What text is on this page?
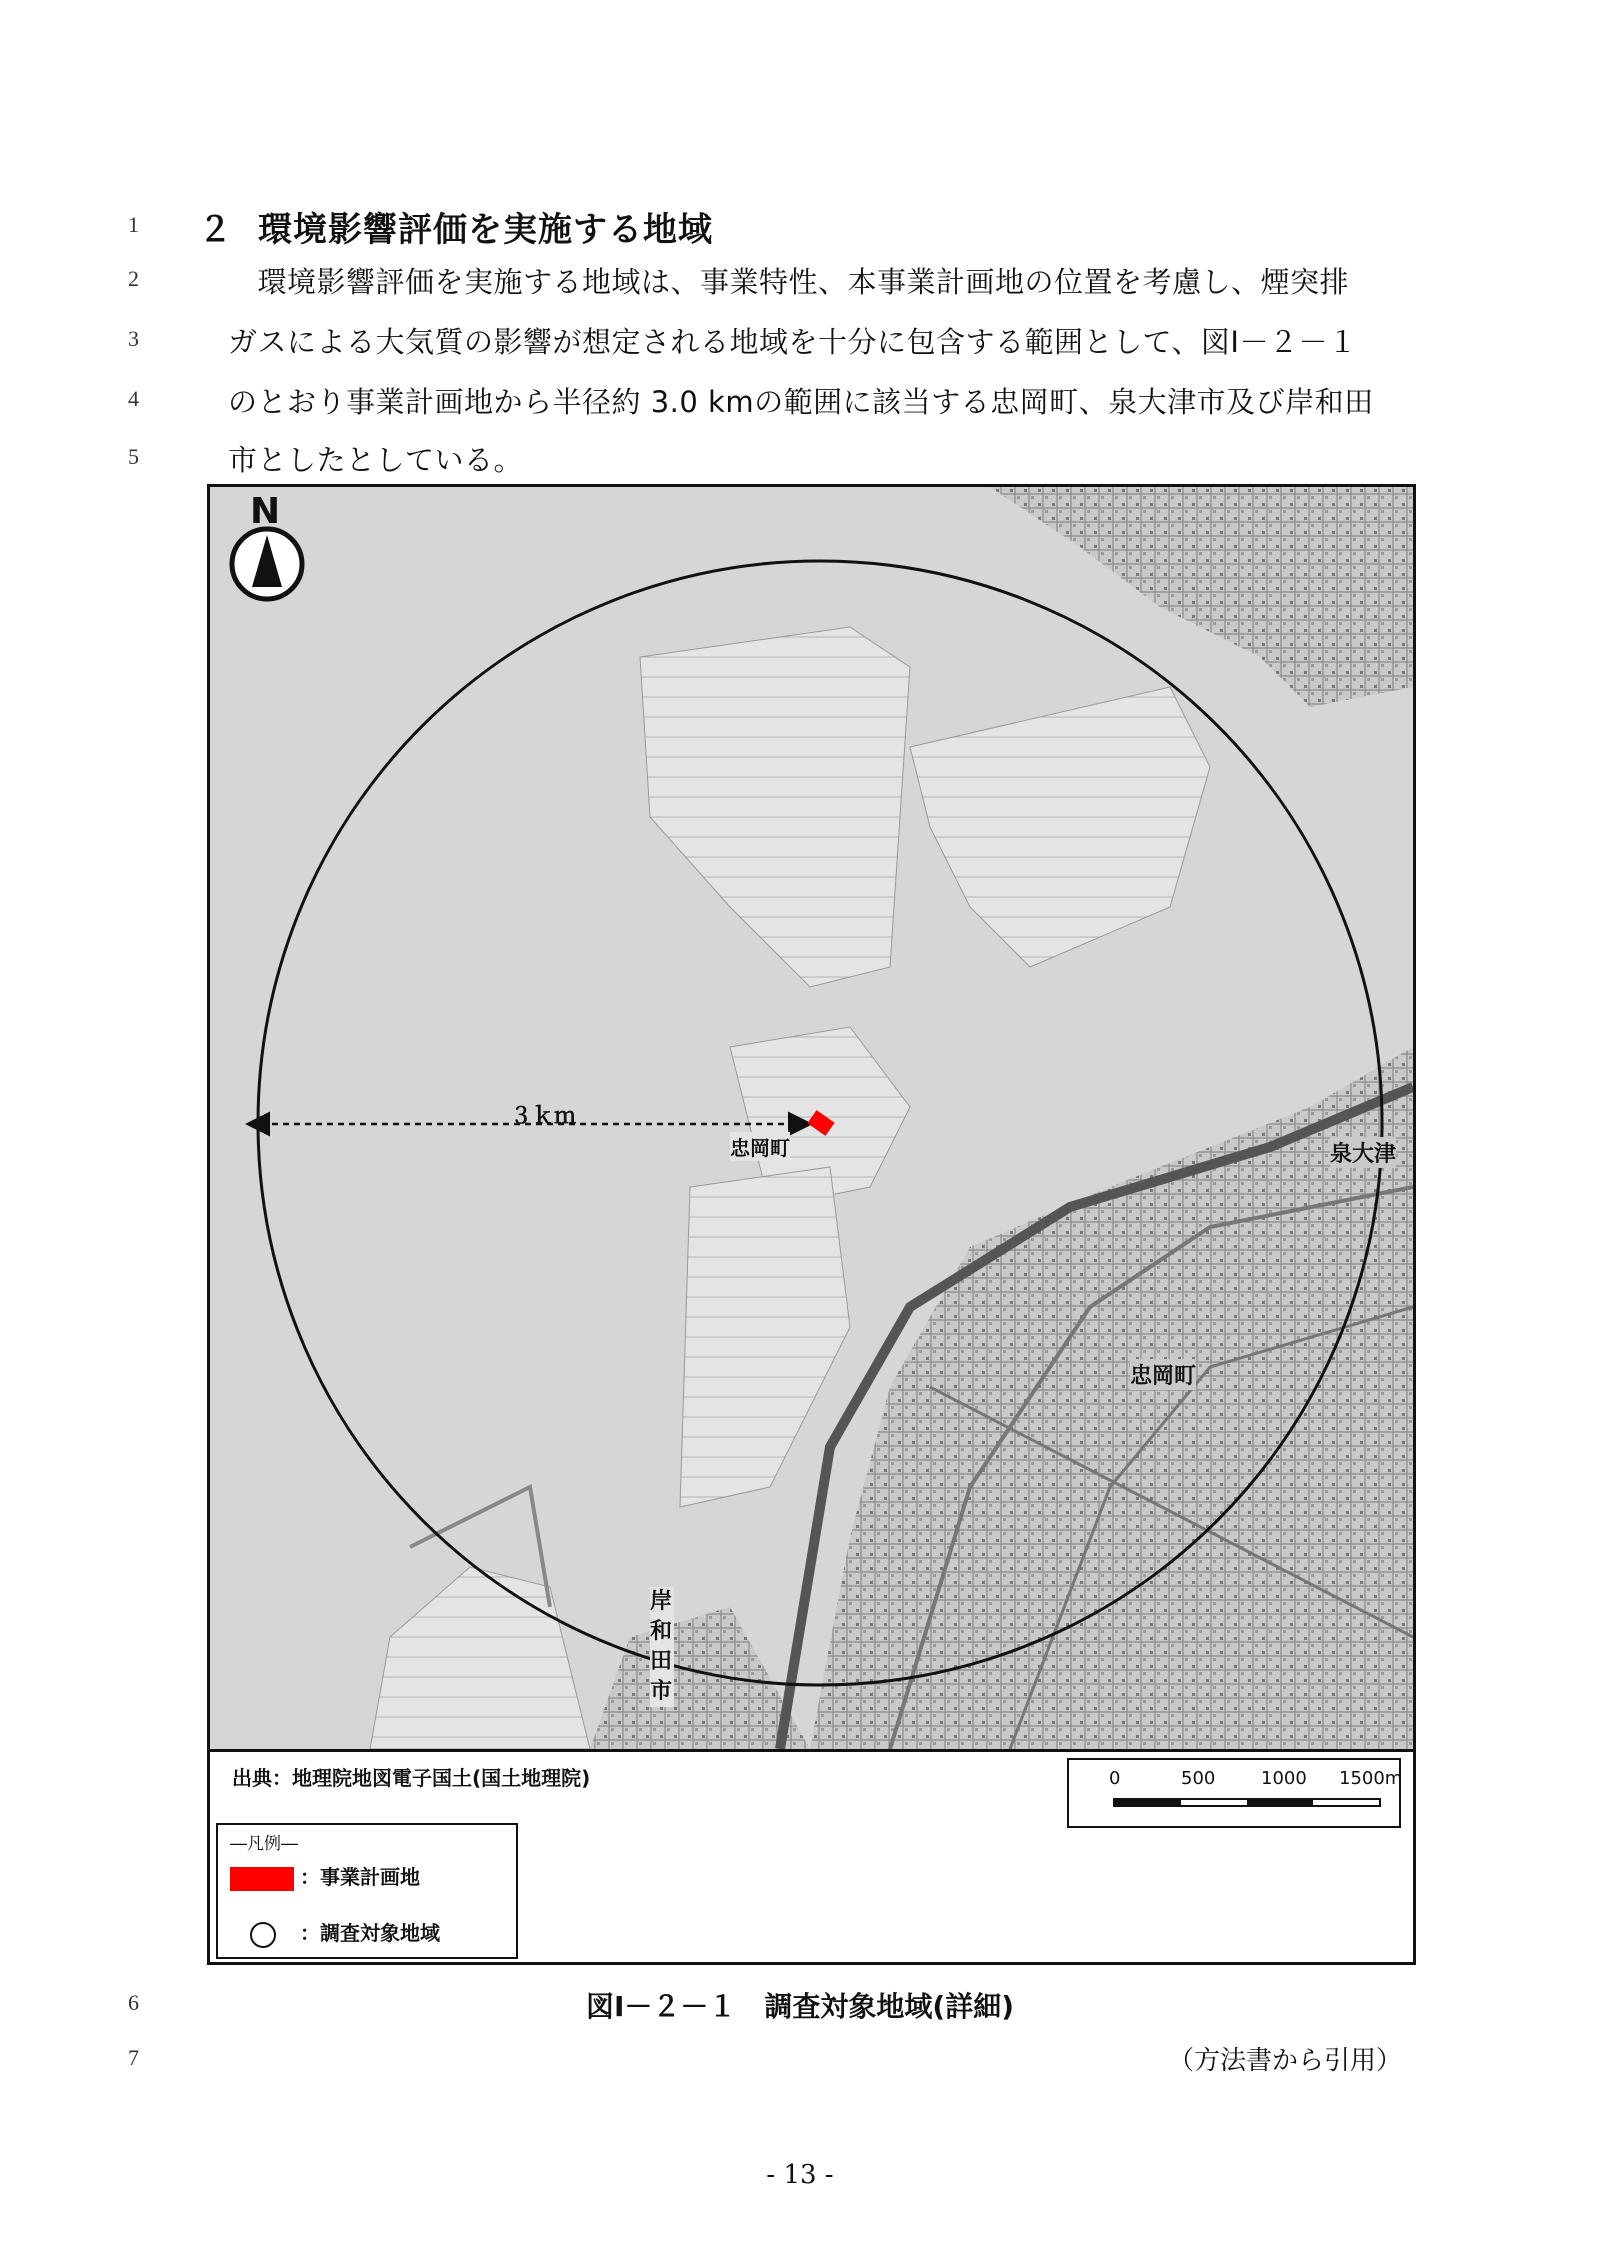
1
2
3
4
5
6
7
２ 環境影響評価を実施する地域
　環境影響評価を実施する地域は、事業特性、本事業計画地の位置を考慮し、煙突排
ガスによる大気質の影響が想定される地域を十分に包含する範囲として、図Ⅰ－２－１
のとおり事業計画地から半径約 3.0 kmの範囲に該当する忠岡町、泉大津市及び岸和田
市としたとしている。
N
３ｋｍ
忠岡町
忠岡町
泉大津
岸和田市
出典：地理院地図電子国土(国土地理院)	0	500	1000 1500m
―凡例―
：事業計画地
：調査対象地域
図Ⅰ－２－１　調査対象地域(詳細)
（方法書から引用）
- 13 -
